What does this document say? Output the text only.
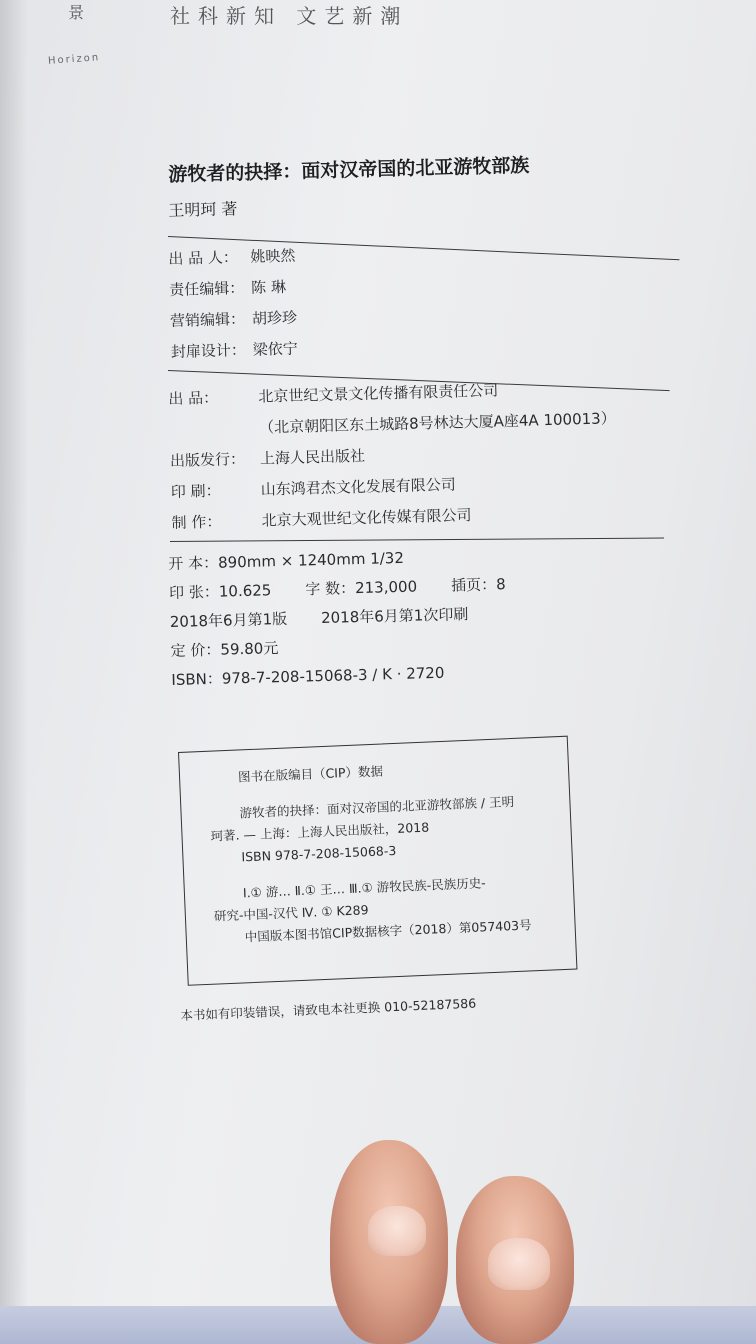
景	社科新知 文艺新潮
Horizon
游牧者的抉择：面对汉帝国的北亚游牧部族
王明珂 著
出 品 人： 姚映然
责任编辑： 陈 琳
营销编辑： 胡珍珍
封扉设计： 梁依宁
出 品：	北京世纪文景文化传播有限责任公司
（北京朝阳区东土城路8号林达大厦A座4A 100013）
出版发行： 上海人民出版社
印 刷：	山东鸿君杰文化发展有限公司
制 作：	北京大观世纪文化传媒有限公司
开 本：890mm × 1240mm 1/32
印 张：10.625 字 数：213,000 插页：8
2018年6月第1版 2018年6月第1次印刷
定 价：59.80元
ISBN：978-7-208-15068-3 / K · 2720
图书在版编目（CIP）数据
游牧者的抉择：面对汉帝国的北亚游牧部族 / 王明
珂著. — 上海：上海人民出版社，2018
ISBN 978-7-208-15068-3
Ⅰ.① 游… Ⅱ.① 王… Ⅲ.① 游牧民族-民族历史-
研究-中国-汉代 Ⅳ. ① K289
中国版本图书馆CIP数据核字（2018）第057403号
本书如有印装错误，请致电本社更换 010-52187586
